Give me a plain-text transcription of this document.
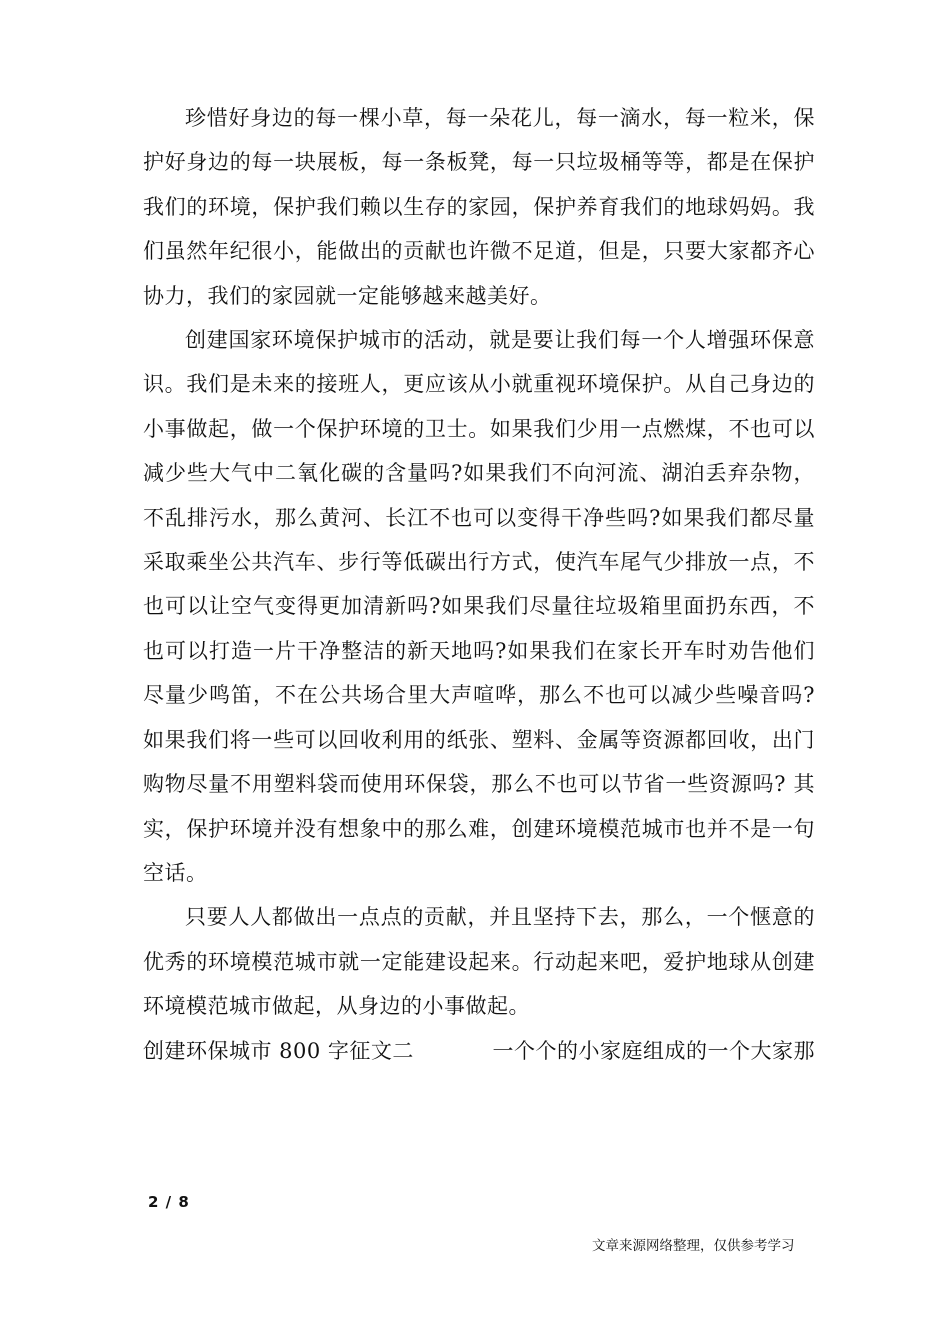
珍惜好身边的每一棵小草，每一朵花儿，每一滴水，每一粒米，保护好身边的每一块展板，每一条板凳，每一只垃圾桶等等，都是在保护我们的环境，保护我们赖以生存的家园，保护养育我们的地球妈妈。我们虽然年纪很小，能做出的贡献也许微不足道，但是，只要大家都齐心协力，我们的家园就一定能够越来越美好。

创建国家环境保护城市的活动，就是要让我们每一个人增强环保意识。我们是未来的接班人，更应该从小就重视环境保护。从自己身边的小事做起，做一个保护环境的卫士。如果我们少用一点燃煤，不也可以减少些大气中二氧化碳的含量吗?如果我们不向河流、湖泊丢弃杂物，不乱排污水，那么黄河、长江不也可以变得干净些吗?如果我们都尽量采取乘坐公共汽车、步行等低碳出行方式，使汽车尾气少排放一点，不也可以让空气变得更加清新吗?如果我们尽量往垃圾箱里面扔东西，不也可以打造一片干净整洁的新天地吗?如果我们在家长开车时劝告他们尽量少鸣笛，不在公共场合里大声喧哗，那么不也可以减少些噪音吗?如果我们将一些可以回收利用的纸张、塑料、金属等资源都回收，出门购物尽量不用塑料袋而使用环保袋，那么不也可以节省一些资源吗? 其实，保护环境并没有想象中的那么难，创建环境模范城市也并不是一句空话。

只要人人都做出一点点的贡献，并且坚持下去，那么，一个惬意的优秀的环境模范城市就一定能建设起来。行动起来吧，爱护地球从创建环境模范城市做起，从身边的小事做起。

创建环保城市 800 字征文二	一个个的小家庭组成的一个大家那
2 / 8
文章来源网络整理，仅供参考学习
